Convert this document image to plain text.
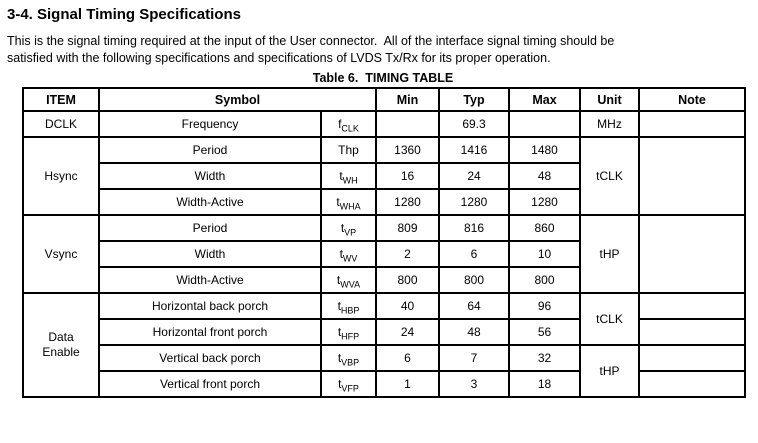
3-4. Signal Timing Specifications
This is the signal timing required at the input of the User connector.  All of the interface signal timing should be
satisfied with the following specifications and specifications of LVDS Tx/Rx for its proper operation.
Table 6.  TIMING TABLE
ITEM	Symbol		Min	Typ	Max	Unit	Note
DCLK	Frequency	$f_{CLK}$		69.3		MHz	
Hsync	Period	Thp	1360	1416	1480	tCLK	
	Width	$t_{WH}$	16	24	48		
	Width-Active	$t_{WHA}$	1280	1280	1280		
Vsync	Period	$t_{VP}$	809	816	860	tHP	
	Width	$t_{WV}$	2	6	10		
	Width-Active	$t_{WVA}$	800	800	800		
Data Enable	Horizontal back porch	$t_{HBP}$	40	64	96	tCLK	
	Horizontal front porch	$t_{HFP}$	24	48	56		
	Vertical back porch	$t_{VBP}$	6	7	32	tHP	
	Vertical front porch	$t_{VFP}$	1	3	18		
